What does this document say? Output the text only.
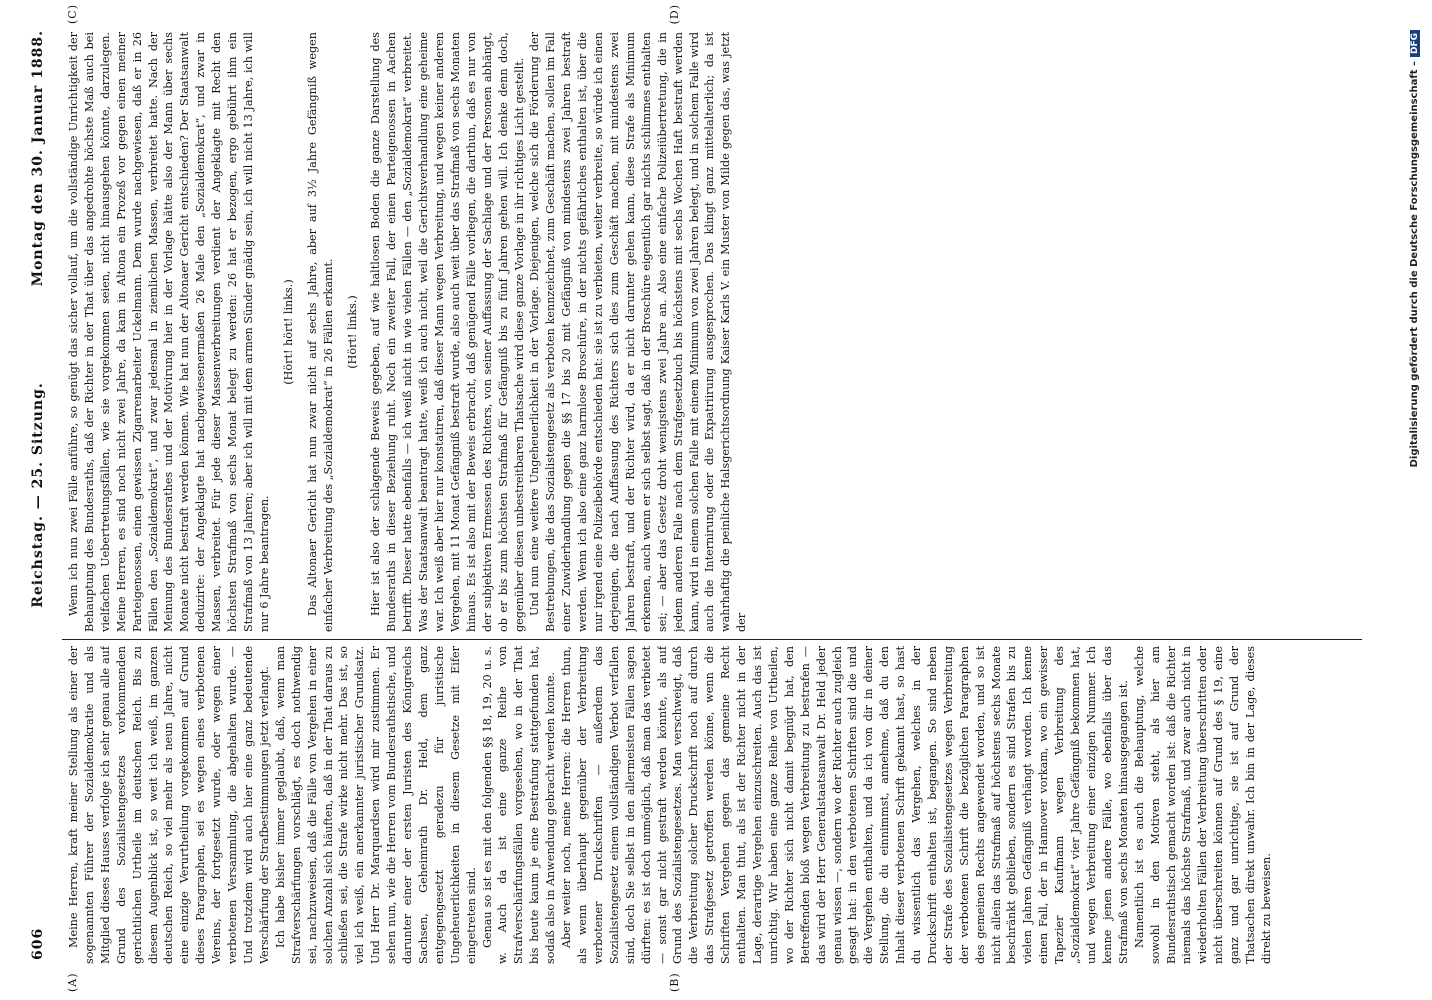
606
Reichstag. — 25. Sitzung.
Montag den 30. Januar 1888.
(A)	(B)
(C)	(D)

Meine Herren, kraft meiner Stellung als einer der sogenannten Führer der Sozialdemokratie und als Mitglied dieses Hauses verfolge ich sehr genau alle auf Grund des Sozialistengesetzes vorkommenden gerichtlichen Urtheile im deutschen Reich. Bis zu diesem Augenblick ist, so weit ich weiß, im ganzen deutschen Reich, so viel mehr als neun Jahre, nicht eine einzige Verurtheilung vorgekommen auf Grund dieses Paragraphen, sei es wegen eines verbotenen Vereins, der fortgesetzt wurde, oder wegen einer verbotenen Versammlung, die abgehalten wurde. — Und trotzdem wird auch hier eine ganz bedeutende Verschärfung der Strafbestimmungen jetzt verlangt. Ich habe bisher immer geglaubt, daß, wenn man Strafverschärfungen vorschlägt, es doch nothwendig sei, nachzuweisen, daß die Fälle von Vergehen in einer solchen Anzahl sich häuften, daß in der That daraus zu schließen sei, die Strafe wirke nicht mehr. Das ist, so viel ich weiß, ein anerkannter juristischer Grundsatz. Und Herr Dr. Marquardsen wird mir zustimmen. Er sehen nun, wie die Herren vom Bundesrathstische, und darunter einer der ersten Juristen des Königreichs Sachsen, Geheimrath Dr. Held, dem ganz entgegengesetzt geradezu für juristische Ungeheuerlichkeiten in diesem Gesetze mit Eifer eingetreten sind. Genau so ist es mit den folgenden §§ 18, 19, 20 u. s. w. Auch da ist eine ganze Reihe von Strafverschärfungsfällen vorgesehen, wo in der That bis heute kaum je eine Bestrafung stattgefunden hat, sodaß also in Anwendung gebracht werden konnte. Aber weiter noch, meine Herren: die Herren thun, als wenn überhaupt gegenüber der Verbreitung verbotener Druckschriften — außerdem das Sozialistengesetz einem vollständigen Verbot verfallen sind, doch Sie selbst in den allermeisten Fällen sagen dürften: es ist doch unmöglich, daß man das verbietet — sonst gar nicht gestraft werden könnte, als auf Grund des Sozialistengesetzes. Man verschweigt, daß die Verbreitung solcher Druckschrift noch auf durch das Strafgesetz getroffen werden könne, wenn die Schriften Vergehen gegen das gemeine Recht enthalten. Man thut, als ist der Richter nicht in der Lage, derartige Vergehen einzuschreiten. Auch das ist unrichtig. Wir haben eine ganze Reihe von Urtheilen, wo der Richter sich nicht damit begnügt hat, den Betreffenden bloß wegen Verbreitung zu bestrafen — das wird der Herr Generalstaatsanwalt Dr. Held jeder genau wissen —, sondern wo der Richter auch zugleich gesagt hat: in den verbotenen Schriften sind die und die Vergehen enthalten, und da ich von dir in deiner Stellung, die du einnimmst, annehme, daß du den Inhalt dieser verbotenen Schrift gekannt hast, so hast du wissentlich das Vergehen, welches in der Druckschrift enthalten ist, begangen. So sind neben der Strafe des Sozialistengesetzes wegen Verbreitung der verbotenen Schrift die bezüglichen Paragraphen des gemeinen Rechts angewendet worden, und so ist nicht allein das Strafmaß auf höchstens sechs Monate beschränkt geblieben, sondern es sind Strafen bis zu vielen Jahren Gefängniß verhängt worden. Ich kenne einen Fall, der in Hannover vorkam, wo ein gewisser Tapezier Kaufmann wegen Verbreitung des „Sozialdemokrat“ vier Jahre Gefängniß bekommen hat, und wegen Verbreitung einer einzigen Nummer. Ich kenne jenen andere Fälle, wo ebenfalls über das Strafmaß von sechs Monaten hinausgegangen ist. Namentlich ist es auch die Behauptung, welche sowohl in den Motiven steht, als hier am Bundesrathstisch gemacht worden ist: daß die Richter niemals das höchste Strafmaß, und zwar auch nicht in wiederholten Fällen der Verbreitung überschritten oder nicht überschreiten können auf Grund des § 19, eine ganz und gar unrichtige, sie ist auf Grund der Thatsachen direkt unwahr. Ich bin in der Lage, dieses direkt zu beweisen.

Wenn ich nun zwei Fälle anführe, so genügt das sicher vollauf, um die vollständige Unrichtigkeit der Behauptung des Bundesraths, daß der Richter in der That über das angedrohte höchste Maß auch bei vielfachen Uebertretungsfällen, wie sie vorgekommen seien, nicht hinausgehen könnte, darzulegen. Meine Herren, es sind noch nicht zwei Jahre, da kam in Altona ein Prozeß vor gegen einen meiner Parteigenossen, einen gewissen Zigarrenarbeiter Uckelmann. Dem wurde nachgewiesen, daß er in 26 Fällen den „Sozialdemokrat“, und zwar jedesmal in ziemlichen Massen, verbreitet hatte. Nach der Meinung des Bundesrathes und der Motivirung hier in der Vorlage hätte also der Mann über sechs Monate nicht bestraft werden können. Wie hat nun der Altonaer Gericht entschieden? Der Staatsanwalt deduzirte: der Angeklagte hat nachgewiesenermaßen 26 Male den „Sozialdemokrat“, und zwar in Massen, verbreitet. Für jede dieser Massenverbreitungen verdient der Angeklagte mit Recht den höchsten Strafmaß von sechs Monat belegt zu werden: 26 hat er bezogen, ergo gebührt ihm ein Strafmaß von 13 Jahren; aber ich will mit dem armen Sünder gnädig sein, ich will nicht 13 Jahre, ich will nur 6 Jahre beantragen.

(Hört! hört! links.) Das Altonaer Gericht hat nun zwar nicht auf sechs Jahre, aber auf 3½ Jahre Gefängniß wegen einfacher Verbreitung des „Sozialdemokrat“ in 26 Fällen erkannt. (Hört! links.) Hier ist also der schlagende Beweis gegeben, auf wie haltlosen Boden die ganze Darstellung des Bundesraths in dieser Beziehung ruht. Noch ein zweiter Fall, der einen Parteigenossen in Aachen betrifft. Dieser hatte ebenfalls — ich weiß nicht in wie vielen Fällen — den „Sozialdemokrat“ verbreitet. Was der Staatsanwalt beantragt hatte, weiß ich auch nicht, weil die Gerichtsverhandlung eine geheime war. Ich weiß aber hier nur konstatiren, daß dieser Mann wegen Verbreitung, und wegen keiner anderen Vergehen, mit 11 Monat Gefängniß bestraft wurde, also auch weit über das Strafmaß von sechs Monaten hinaus. Es ist also mit der Beweis erbracht, daß genügend Fälle vorliegen, die darthun, daß es nur von der subjektiven Ermessen des Richters, von seiner Auffassung der Sachlage und der Personen abhängt, ob er bis zum höchsten Strafmaß für Gefängniß bis zu fünf Jahren gehen will. Ich denke denn doch, gegenüber diesen unbestreitbaren Thatsache wird diese ganze Vorlage in ihr richtiges Licht gestellt. Und nun eine weitere Ungeheuerlichkeit in der Vorlage. Diejenigen, welche sich die Förderung der Bestrebungen, die das Sozialistengesetz als verboten kennzeichnet, zum Geschäft machen, sollen im Fall einer Zuwiderhandlung gegen die §§ 17 bis 20 mit Gefängniß von mindestens zwei Jahren bestraft werden. Wenn ich also eine ganz harmlose Broschüre, in der nichts gefährliches enthalten ist, über die nur irgend eine Polizeibehörde entschieden hat: sie ist zu verbieten, weiter verbreite, so würde ich einen derjenigen, die nach Auffassung des Richters sich dies zum Geschäft machen, mit mindestens zwei Jahren bestraft, und der Richter wird, da er nicht darunter gehen kann, diese Strafe als Minimum erkennen, auch wenn er sich selbst sagt, daß in der Broschüre eigentlich gar nichts schlimmes enthalten sei; — aber das Gesetz droht wenigstens zwei Jahre an. Also eine einfache Polizeiübertretung, die in jedem anderen Falle nach dem Strafgesetzbuch bis höchstens mit sechs Wochen Haft bestraft werden kann, wird in einem solchen Falle mit einem Minimum von zwei Jahren belegt, und in solchem Falle wird auch die Internirung oder die Expatriirung ausgesprochen. Das klingt ganz mittelalterlich; da ist wahrhaftig die peinliche Halsgerichtsordnung Kaiser Karls V. ein Muster von Milde gegen das, was jetzt der

Digitalisierung gefördert durch die Deutsche Forschungsgemeinschaft –DFG
